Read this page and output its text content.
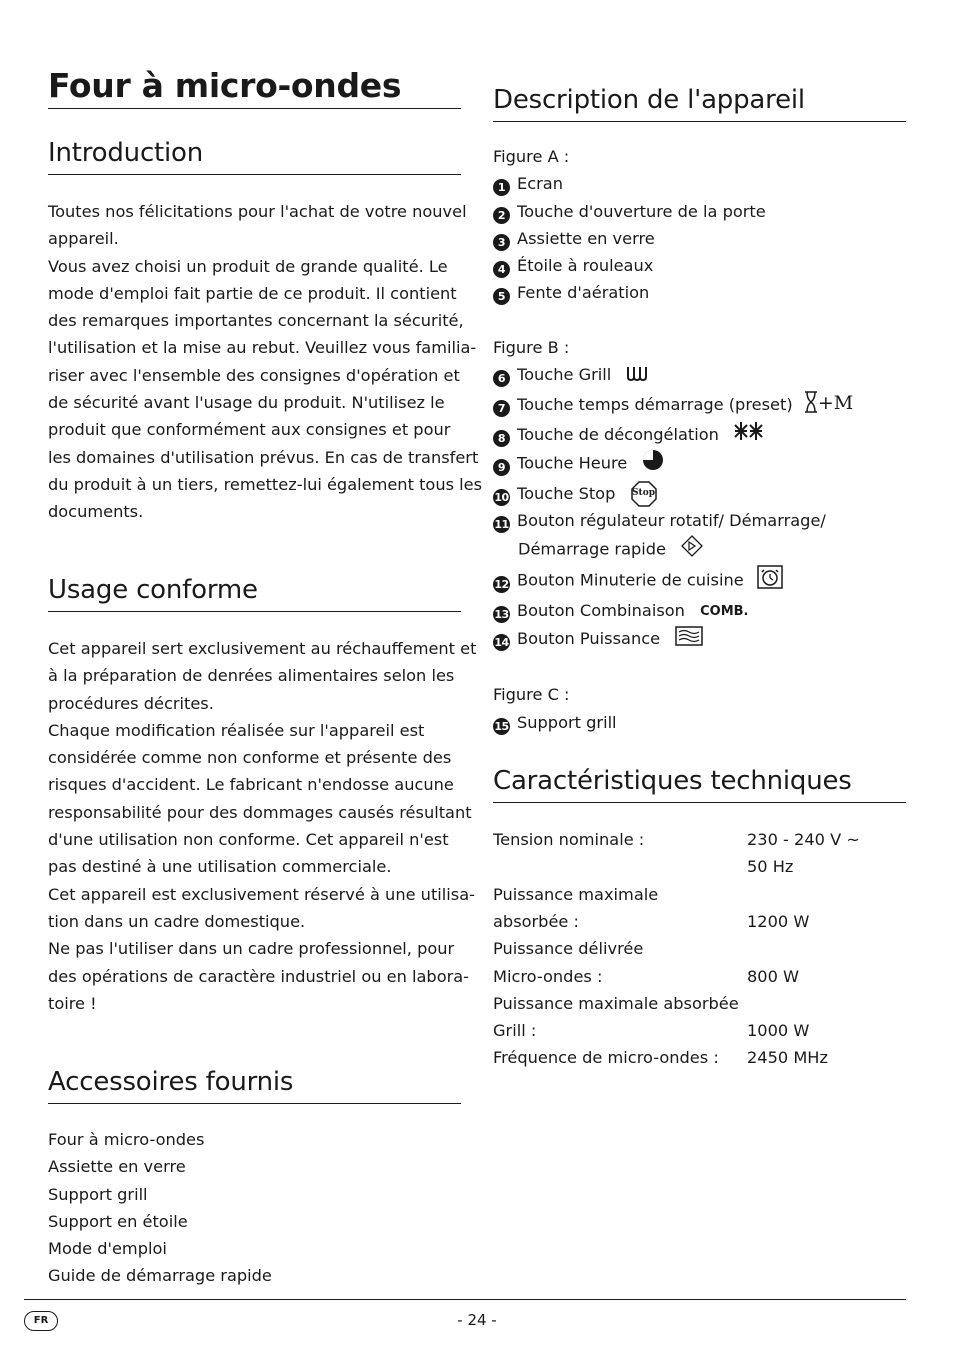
Four à micro-ondes
Introduction

Toutes nos félicitations pour l'achat de votre nouvel

appareil.

Vous avez choisi un produit de grande qualité. Le

mode d'emploi fait partie de ce produit. Il contient

des remarques importantes concernant la sécurité,

l'utilisation et la mise au rebut. Veuillez vous familia-

riser avec l'ensemble des consignes d'opération et

de sécurité avant l'usage du produit. N'utilisez le

produit que conformément aux consignes et pour

les domaines d'utilisation prévus. En cas de transfert

du produit à un tiers, remettez-lui également tous les

documents.

Usage conforme

Cet appareil sert exclusivement au réchauffement et

à la préparation de denrées alimentaires selon les

procédures décrites.

Chaque modification réalisée sur l'appareil est

considérée comme non conforme et présente des

risques d'accident. Le fabricant n'endosse aucune

responsabilité pour des dommages causés résultant

d'une utilisation non conforme. Cet appareil n'est

pas destiné à une utilisation commerciale.

Cet appareil est exclusivement réservé à une utilisa-

tion dans un cadre domestique.

Ne pas l'utiliser dans un cadre professionnel, pour

des opérations de caractère industriel ou en labora-

toire !

Accessoires fournis

Four à micro-ondes

Assiette en verre

Support grill

Support en étoile

Mode d'emploi

Guide de démarrage rapide

Description de l'appareil

Figure A :

1 Ecran

2 Touche d'ouverture de la porte

3 Assiette en verre

4 Étoile à rouleaux

5 Fente d'aération

Figure B :

6 Touche Grill

7 Touche temps démarrage (preset) +M

8 Touche de décongélation

9 Touche Heure

10 Touche Stop Stop

11 Bouton régulateur rotatif/ Démarrage/

Démarrage rapide

12 Bouton Minuterie de cuisine

13 Bouton Combinaison COMB.

14 Bouton Puissance

Figure C :

15 Support grill

Caractéristiques techniques
Tension nominale :	230 - 240 V ~
50 Hz
Puissance maximale
absorbée :	1200 W
Puissance délivrée
Micro-ondes :	800 W
Puissance maximale absorbée
Grill :	1000 W
Fréquence de micro-ondes : 2450 MHz
FR	- 24 -
